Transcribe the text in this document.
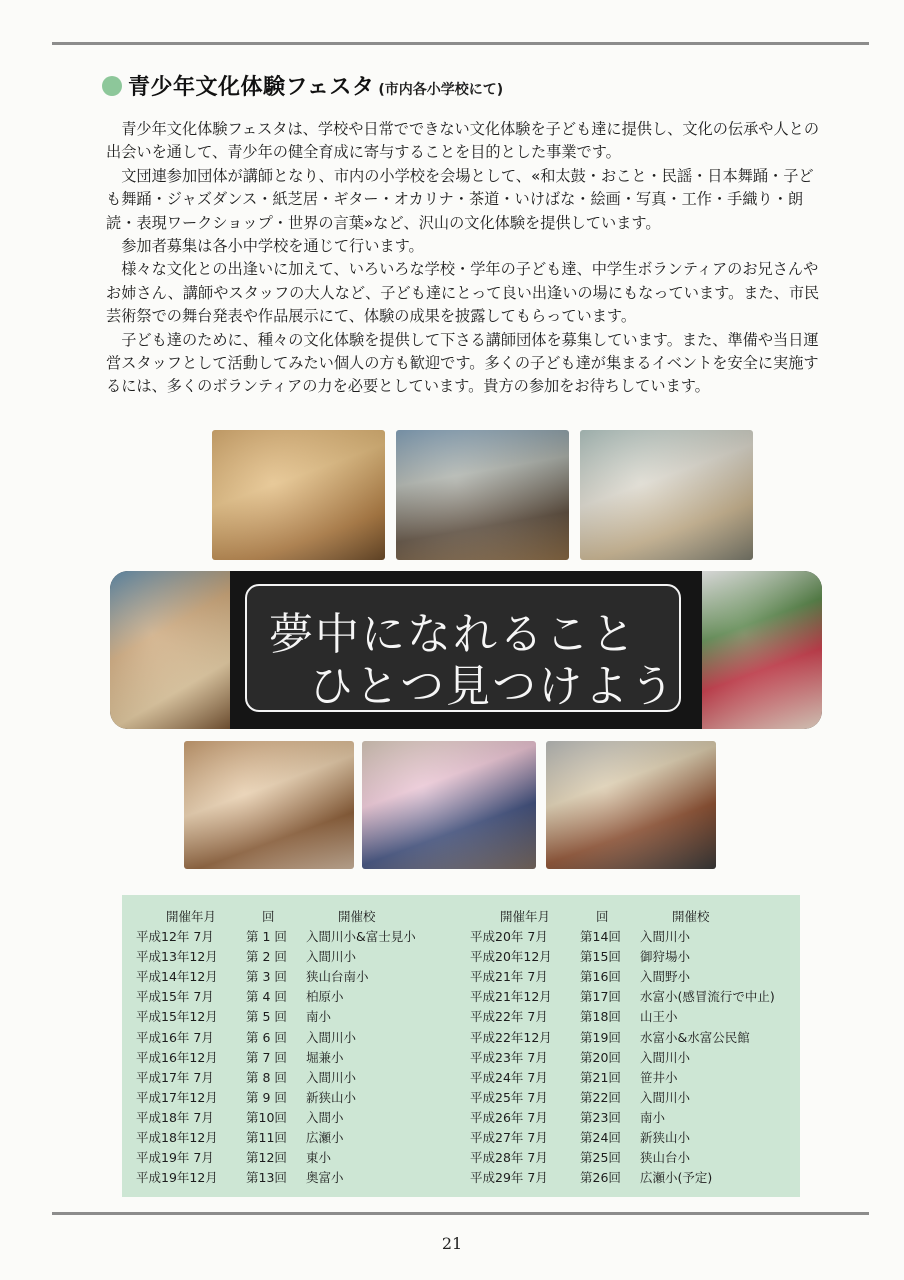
青少年文化体験フェスタ (市内各小学校にて)

青少年文化体験フェスタは、学校や日常でできない文化体験を子ども達に提供し、文化の伝承や人との出会いを通して、青少年の健全育成に寄与することを目的とした事業です。

文団連参加団体が講師となり、市内の小学校を会場として、«和太鼓・おこと・民謡・日本舞踊・子ども舞踊・ジャズダンス・紙芝居・ギター・オカリナ・茶道・いけばな・絵画・写真・工作・手織り・朗読・表現ワークショップ・世界の言葉»など、沢山の文化体験を提供しています。

参加者募集は各小中学校を通じて行います。

様々な文化との出逢いに加えて、いろいろな学校・学年の子ども達、中学生ボランティアのお兄さんやお姉さん、講師やスタッフの大人など、子ども達にとって良い出逢いの場にもなっています。また、市民芸術祭での舞台発表や作品展示にて、体験の成果を披露してもらっています。

子ども達のために、種々の文化体験を提供して下さる講師団体を募集しています。また、準備や当日運営スタッフとして活動してみたい個人の方も歓迎です。多くの子ども達が集まるイベントを安全に実施するには、多くのボランティアの力を必要としています。貴方の参加をお待ちしています。

夢中になれること
ひとつ見つけよう
開催年月	回	開催校
平成12年 7月	第 1 回	入間川小&富士見小
平成13年12月	第 2 回	入間川小
平成14年12月	第 3 回	狭山台南小
平成15年 7月	第 4 回	柏原小
平成15年12月	第 5 回	南小
平成16年 7月	第 6 回	入間川小
平成16年12月	第 7 回	堀兼小
平成17年 7月	第 8 回	入間川小
平成17年12月	第 9 回	新狭山小
平成18年 7月	第10回	入間小
平成18年12月	第11回	広瀬小
平成19年 7月	第12回	東小
平成19年12月	第13回	奥富小
開催年月	回	開催校
平成20年 7月	第14回	入間川小
平成20年12月	第15回	御狩場小
平成21年 7月	第16回	入間野小
平成21年12月	第17回	水富小(感冒流行で中止)
平成22年 7月	第18回	山王小
平成22年12月	第19回	水富小&水富公民館
平成23年 7月	第20回	入間川小
平成24年 7月	第21回	笹井小
平成25年 7月	第22回	入間川小
平成26年 7月	第23回	南小
平成27年 7月	第24回	新狭山小
平成28年 7月	第25回	狭山台小
平成29年 7月	第26回	広瀬小(予定)
21
